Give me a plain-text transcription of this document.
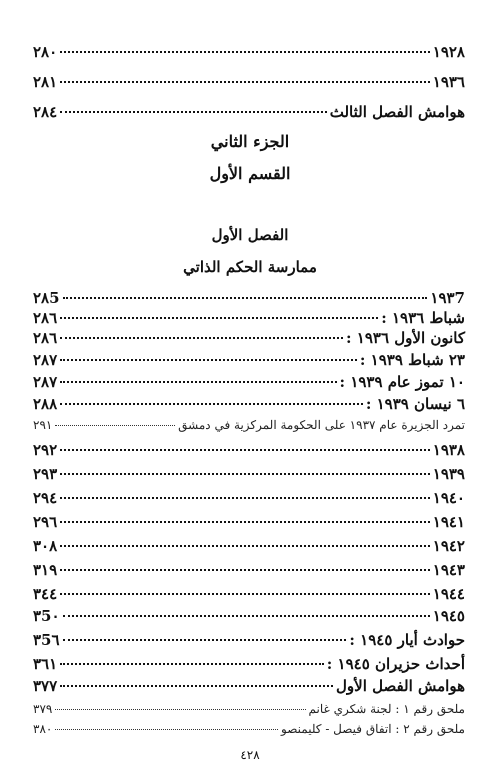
١٩٢٨
٢٨٠
١٩٣٦
٢٨١
هوامش الفصل الثالث
٢٨٤
الجزء الثاني
القسم الأول
الفصل الأول
ممارسة الحكم الذاتي
١٩٣7
٢٨5
شباط ١٩٣٦ :
٢٨٦
كانون الأول ١٩٣٦ :
٢٨٦
٢٣ شباط ١٩٣٩ :
٢٨٧
١٠ تموز عام ١٩٣٩ :
٢٨٧
٦ نيسان ١٩٣٩ :
٢٨٨
تمرد الجزيرة عام ١٩٣٧ على الحكومة المركزية في دمشق
٢٩١
١٩٣٨
٢٩٢
١٩٣٩
٢٩٣
١٩٤٠
٢٩٤
١٩٤١
٢٩٦
١٩٤٢
٣٠٨
١٩٤٣
٣١٩
١٩٤٤
٣٤٤
١٩٤٥
٣5٠
حوادث أيار ١٩٤٥ :
٣5٦
أحداث حزيران ١٩٤٥ :
٣٦١
هوامش الفصل الأول
٣٧٧
ملحق رقم ١ : لجنة شكري غانم
٣٧٩
ملحق رقم ٢ : اتفاق فيصل - كليمنصو
٣٨٠
٤٢٨
